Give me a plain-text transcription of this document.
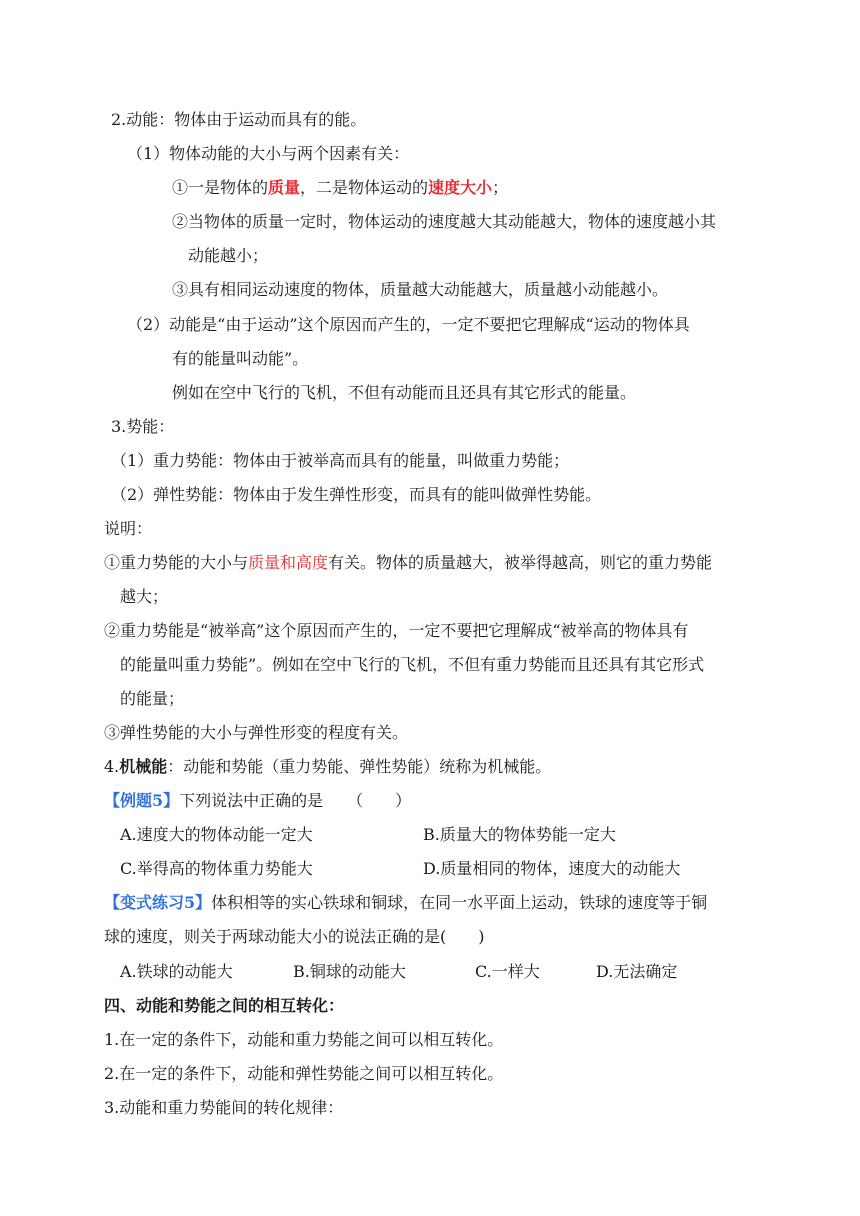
2.动能：物体由于运动而具有的能。
（1）物体动能的大小与两个因素有关：
①一是物体的质量，二是物体运动的速度大小；
②当物体的质量一定时，物体运动的速度越大其动能越大，物体的速度越小其
动能越小；
③具有相同运动速度的物体，质量越大动能越大，质量越小动能越小。
（2）动能是“由于运动”这个原因而产生的，一定不要把它理解成“运动的物体具
有的能量叫动能”。
例如在空中飞行的飞机，不但有动能而且还具有其它形式的能量。
3.势能：
（1）重力势能：物体由于被举高而具有的能量，叫做重力势能；
（2）弹性势能：物体由于发生弹性形变，而具有的能叫做弹性势能。
说明：
①重力势能的大小与质量和高度有关。物体的质量越大，被举得越高，则它的重力势能
越大；
②重力势能是“被举高”这个原因而产生的，一定不要把它理解成“被举高的物体具有
的能量叫重力势能”。例如在空中飞行的飞机，不但有重力势能而且还具有其它形式
的能量；
③弹性势能的大小与弹性形变的程度有关。
4.机械能：动能和势能（重力势能、弹性势能）统称为机械能。
【例题5】下列说法中正确的是　　（　　）
A.速度大的物体动能一定大	B.质量大的物体势能一定大
C.举得高的物体重力势能大	D.质量相同的物体，速度大的动能大
【变式练习5】体积相等的实心铁球和铜球，在同一水平面上运动，铁球的速度等于铜
球的速度，则关于两球动能大小的说法正确的是(　　)
A.铁球的动能大	B.铜球的动能大	C.一样大	D.无法确定
四、动能和势能之间的相互转化：
1.在一定的条件下，动能和重力势能之间可以相互转化。
2.在一定的条件下，动能和弹性势能之间可以相互转化。
3.动能和重力势能间的转化规律：
